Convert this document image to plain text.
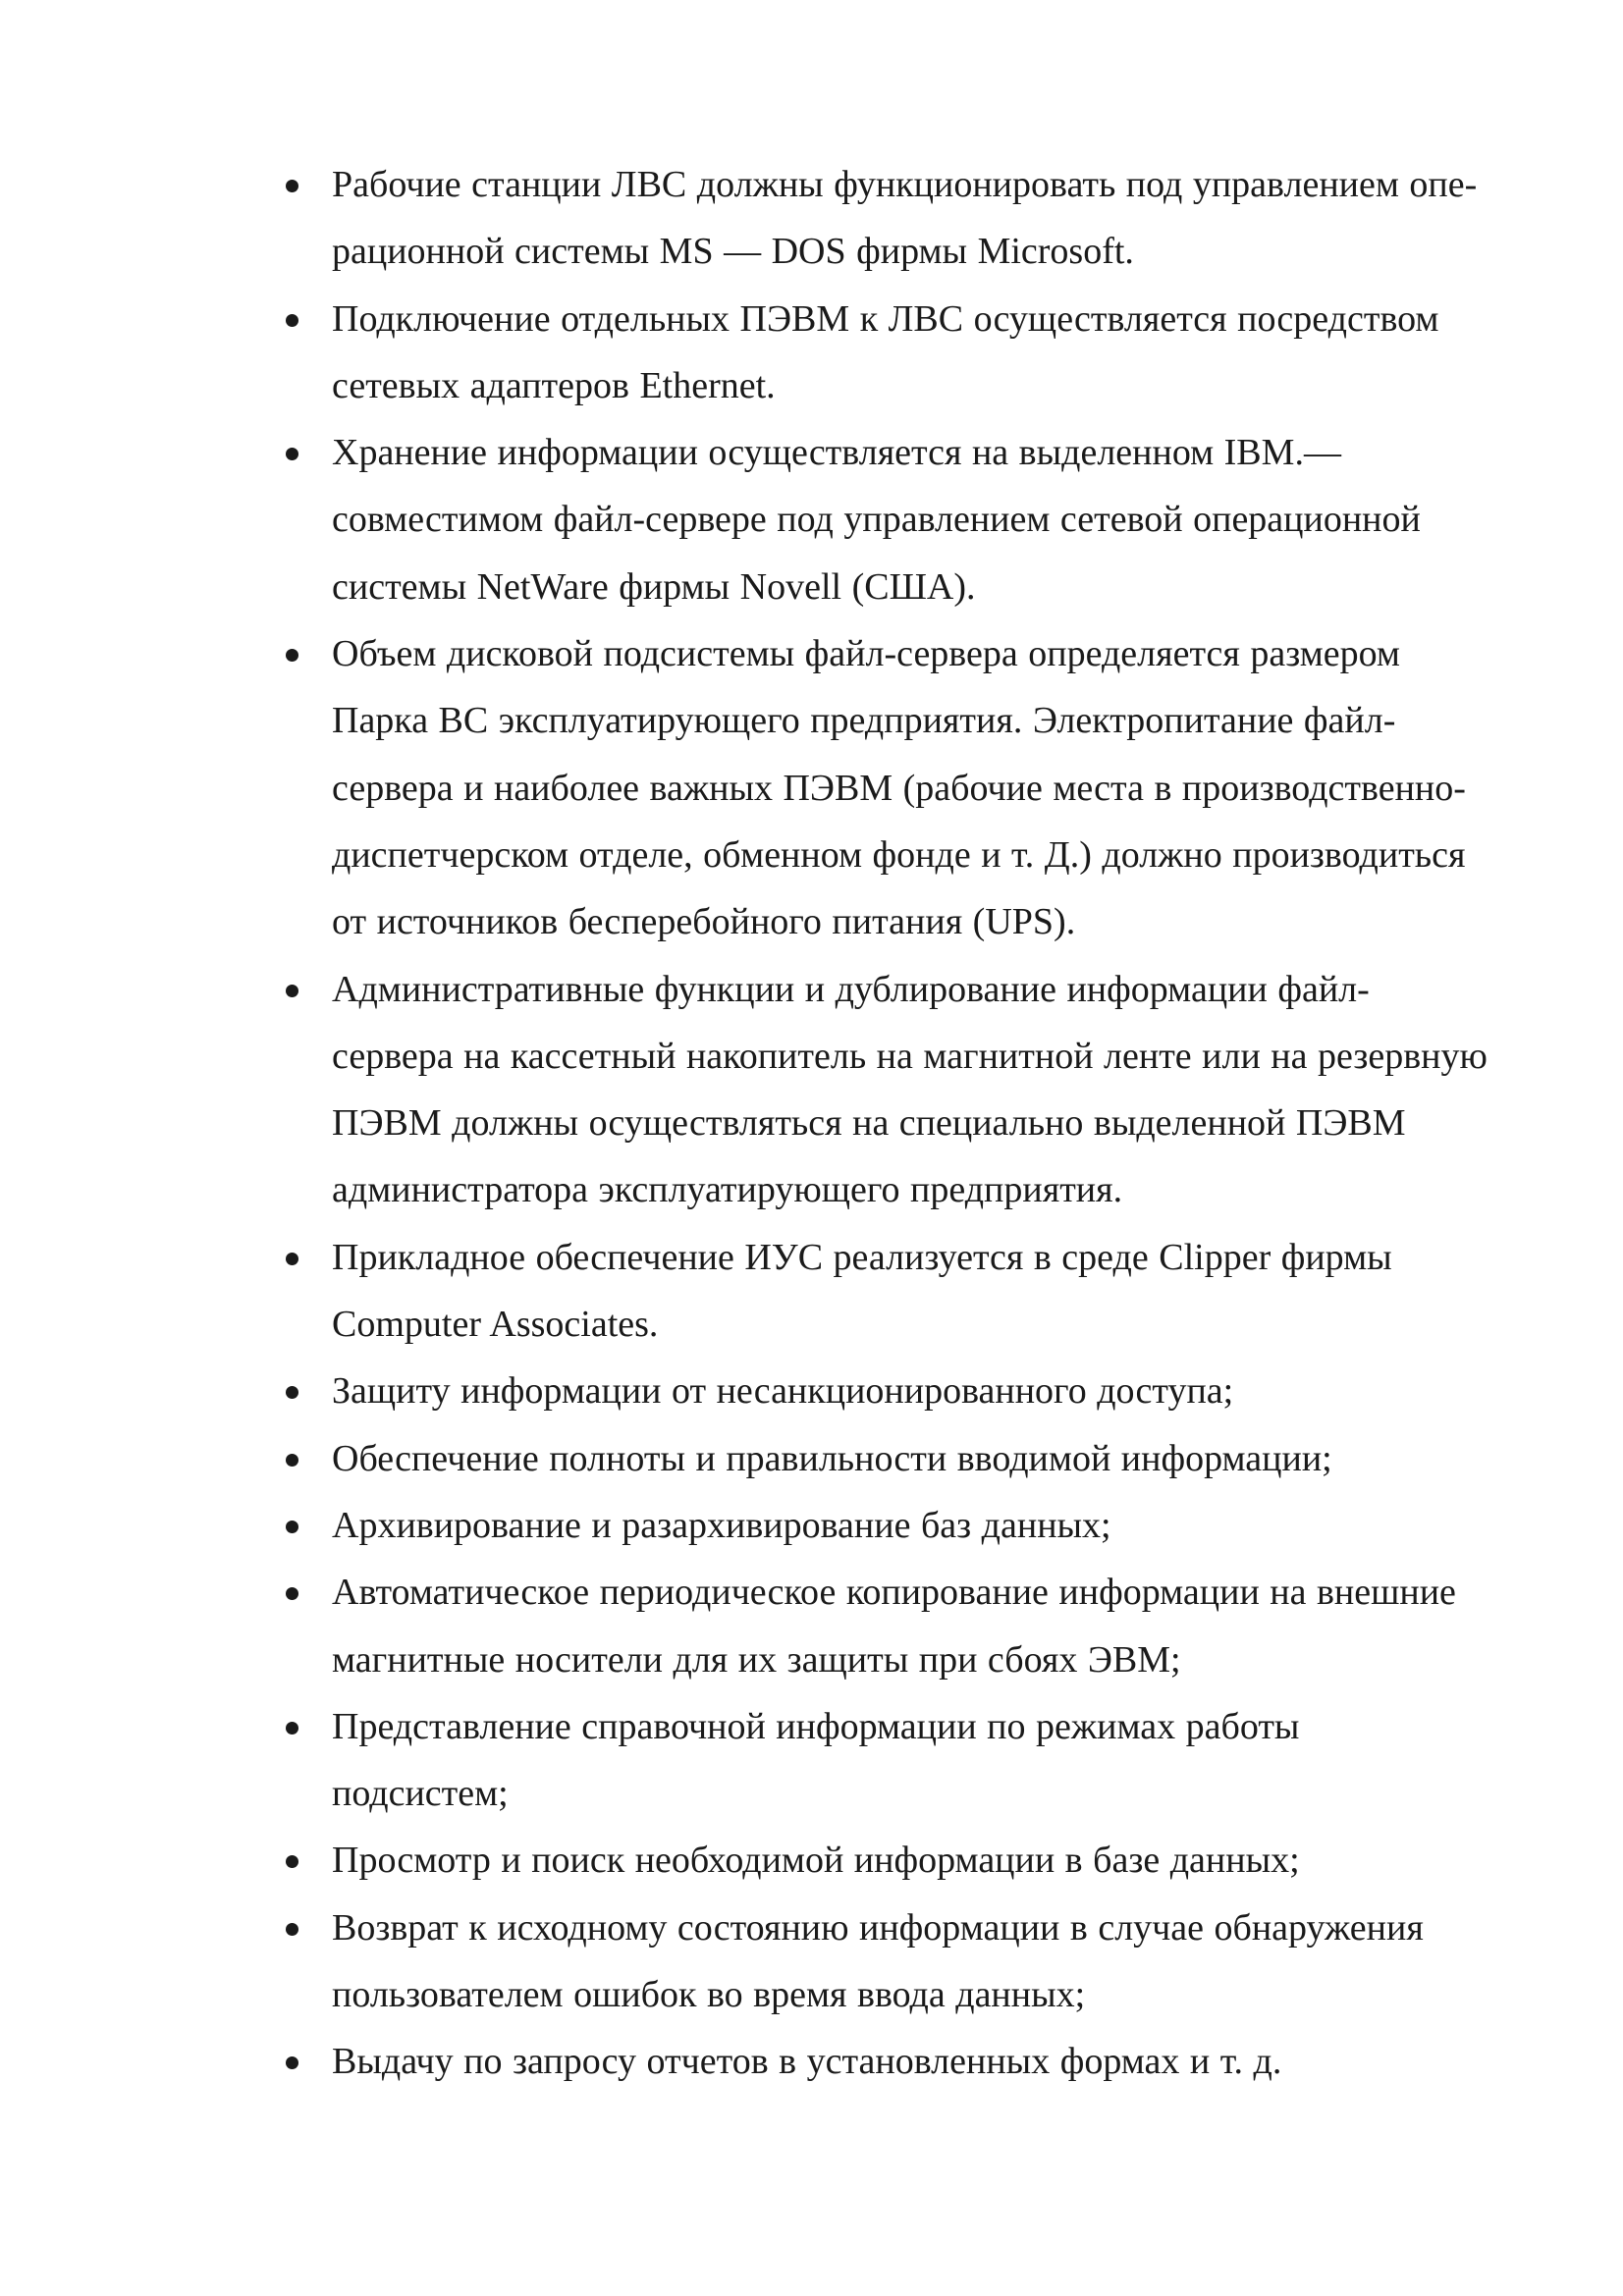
Рабочие станции ЛВС должны функционировать под управлением опе-
рационной системы MS — DOS фирмы Microsoft.
Подключение отдельных ПЭВМ к ЛВС осуществляется посредством
сетевых адаптеров Ethernet.
Хранение информации осуществляется на выделенном IBM.—
совместимом файл-сервере под управлением сетевой операционной
системы NetWare фирмы Novell (США).
Объем дисковой подсистемы файл-сервера определяется размером
Парка ВС эксплуатирующего предприятия. Электропитание файл-
сервера и наиболее важных ПЭВМ (рабочие места в производственно-
диспетчерском отделе, обменном фонде и т. Д.) должно производиться
от источников бесперебойного питания (UPS).
Административные функции и дублирование информации файл-
сервера на кассетный накопитель на магнитной ленте или на резервную
ПЭВМ должны осуществляться на специально выделенной ПЭВМ
администратора эксплуатирующего предприятия.
Прикладное обеспечение ИУС реализуется в среде Clipper фирмы
Computer Associates.
Защиту информации от несанкционированного доступа;
Обеспечение полноты и правильности вводимой информации;
Архивирование и разархивирование баз данных;
Автоматическое периодическое копирование информации на внешние
магнитные носители для их защиты при сбоях ЭВМ;
Представление справочной информации по режимах работы
подсистем;
Просмотр и поиск необходимой информации в базе данных;
Возврат к исходному состоянию информации в случае обнаружения
пользователем ошибок во время ввода данных;
Выдачу по запросу отчетов в установленных формах и т. д.
